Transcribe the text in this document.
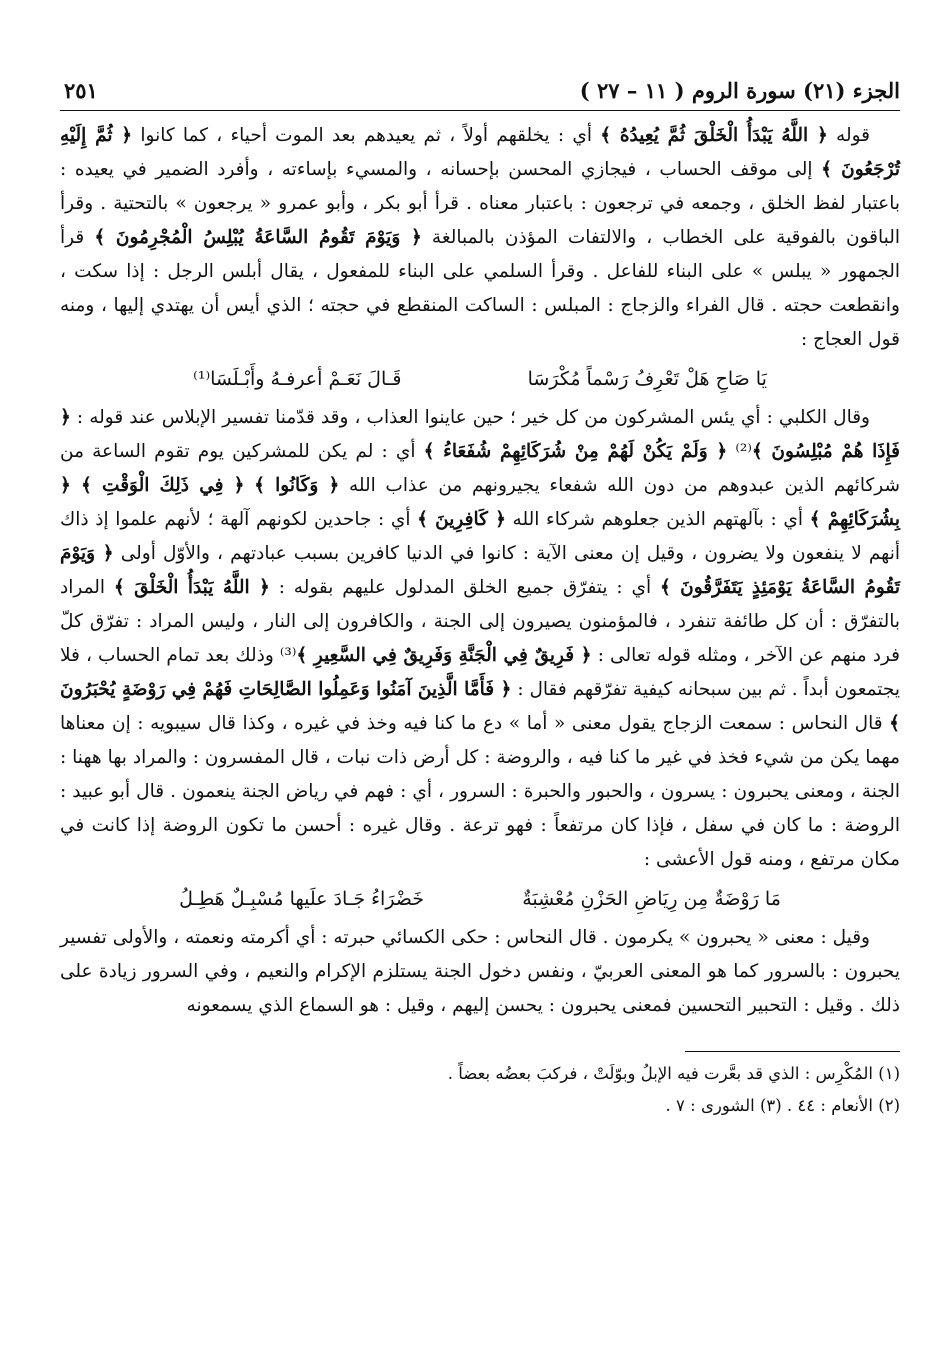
الجزء (٢١) سورة الروم ( ١١ – ٢٧ )
٢٥١

قوله ﴿ اللَّهُ يَبْدَأُ الْخَلْقَ ثُمَّ يُعِيدُهُ ﴾ أي : يخلقهم أولاً ، ثم يعيدهم بعد الموت أحياء ، كما كانوا ﴿ ثُمَّ إِلَيْهِ تُرْجَعُونَ ﴾ إلى موقف الحساب ، فيجازي المحسن بإحسانه ، والمسيء بإساءته ، وأفرد الضمير في يعيده : باعتبار لفظ الخلق ، وجمعه في ترجعون : باعتبار معناه . قرأ أبو بكر ، وأبو عمرو « يرجعون » بالتحتية . وقرأ الباقون بالفوقية على الخطاب ، والالتفات المؤذن بالمبالغة ﴿ وَيَوْمَ تَقُومُ السَّاعَةُ يُبْلِسُ الْمُجْرِمُونَ ﴾ قرأ الجمهور « يبلس » على البناء للفاعل . وقرأ السلمي على البناء للمفعول ، يقال أبلس الرجل : إذا سكت ، وانقطعت حجته . قال الفراء والزجاج : المبلس : الساكت المنقطع في حجته ؛ الذي أيس أن يهتدي إليها ، ومنه قول العجاج :

يَا صَاحِ هَلْ تَعْرِفُ رَسْماً مُكْرَسَا
قَـالَ نَعَـمْ أعرفـهُ وأَبْـلَسَا⁽¹⁾

وقال الكلبي : أي يئس المشركون من كل خير ؛ حين عاينوا العذاب ، وقد قدّمنا تفسير الإبلاس عند قوله : ﴿ فَإِذَا هُمْ مُبْلِسُونَ ﴾⁽²⁾ ﴿ وَلَمْ يَكُنْ لَهُمْ مِنْ شُرَكَائِهِمْ شُفَعَاءُ ﴾ أي : لم يكن للمشركين يوم تقوم الساعة من شركائهم الذين عبدوهم من دون الله شفعاء يجيرونهم من عذاب الله ﴿ وَكَانُوا ﴾ ﴿ فِي ذَلِكَ الْوَقْتِ ﴾ ﴿ بِشُرَكَائِهِمْ ﴾ أي : بآلهتهم الذين جعلوهم شركاء الله ﴿ كَافِرِينَ ﴾ أي : جاحدين لكونهم آلهة ؛ لأنهم علموا إذ ذاك أنهم لا ينفعون ولا يضرون ، وقيل إن معنى الآية : كانوا في الدنيا كافرين بسبب عبادتهم ، والأوّل أولى ﴿ وَيَوْمَ تَقُومُ السَّاعَةُ يَوْمَئِذٍ يَتَفَرَّقُونَ ﴾ أي : يتفرّق جميع الخلق المدلول عليهم بقوله : ﴿ اللَّهُ يَبْدَأُ الْخَلْقَ ﴾ المراد بالتفرّق : أن كل طائفة تنفرد ، فالمؤمنون يصيرون إلى الجنة ، والكافرون إلى النار ، وليس المراد : تفرّق كلّ فرد منهم عن الآخر ، ومثله قوله تعالى : ﴿ فَرِيقٌ فِي الْجَنَّةِ وَفَرِيقٌ فِي السَّعِيرِ ﴾⁽³⁾ وذلك بعد تمام الحساب ، فلا يجتمعون أبداً . ثم بين سبحانه كيفية تفرّقهم فقال : ﴿ فَأَمَّا الَّذِينَ آمَنُوا وَعَمِلُوا الصَّالِحَاتِ فَهُمْ فِي رَوْضَةٍ يُحْبَرُونَ ﴾ قال النحاس : سمعت الزجاج يقول معنى « أما » دع ما كنا فيه وخذ في غيره ، وكذا قال سيبويه : إن معناها مهما يكن من شيء فخذ في غير ما كنا فيه ، والروضة : كل أرض ذات نبات ، قال المفسرون : والمراد بها ههنا : الجنة ، ومعنى يحبرون : يسرون ، والحبور والحبرة : السرور ، أي : فهم في رياض الجنة ينعمون . قال أبو عبيد : الروضة : ما كان في سفل ، فإذا كان مرتفعاً : فهو ترعة . وقال غيره : أحسن ما تكون الروضة إذا كانت في مكان مرتفع ، ومنه قول الأعشى :

مَا رَوْضَةٌ مِن رِيَاضِ الحَزْنِ مُعْشِبَةٌ
خَضْرَاءُ جَـادَ علَيها مُسْبِـلٌ هَطِـلُ

وقيل : معنى « يحبرون » يكرمون . قال النحاس : حكى الكسائي حبرته : أي أكرمته ونعمته ، والأولى تفسير يحبرون : بالسرور كما هو المعنى العربيّ ، ونفس دخول الجنة يستلزم الإكرام والنعيم ، وفي السرور زيادة على ذلك . وقيل : التحبير التحسين فمعنى يحبرون : يحسن إليهم ، وقيل : هو السماع الذي يسمعونه

(١) المُكْرِس : الذي قد بعَّرت فيه الإبلُ وبوّلَتْ ، فركبَ بعضُه بعضاً .

(٢) الأنعام : ٤٤ . (٣) الشورى : ٧ .
